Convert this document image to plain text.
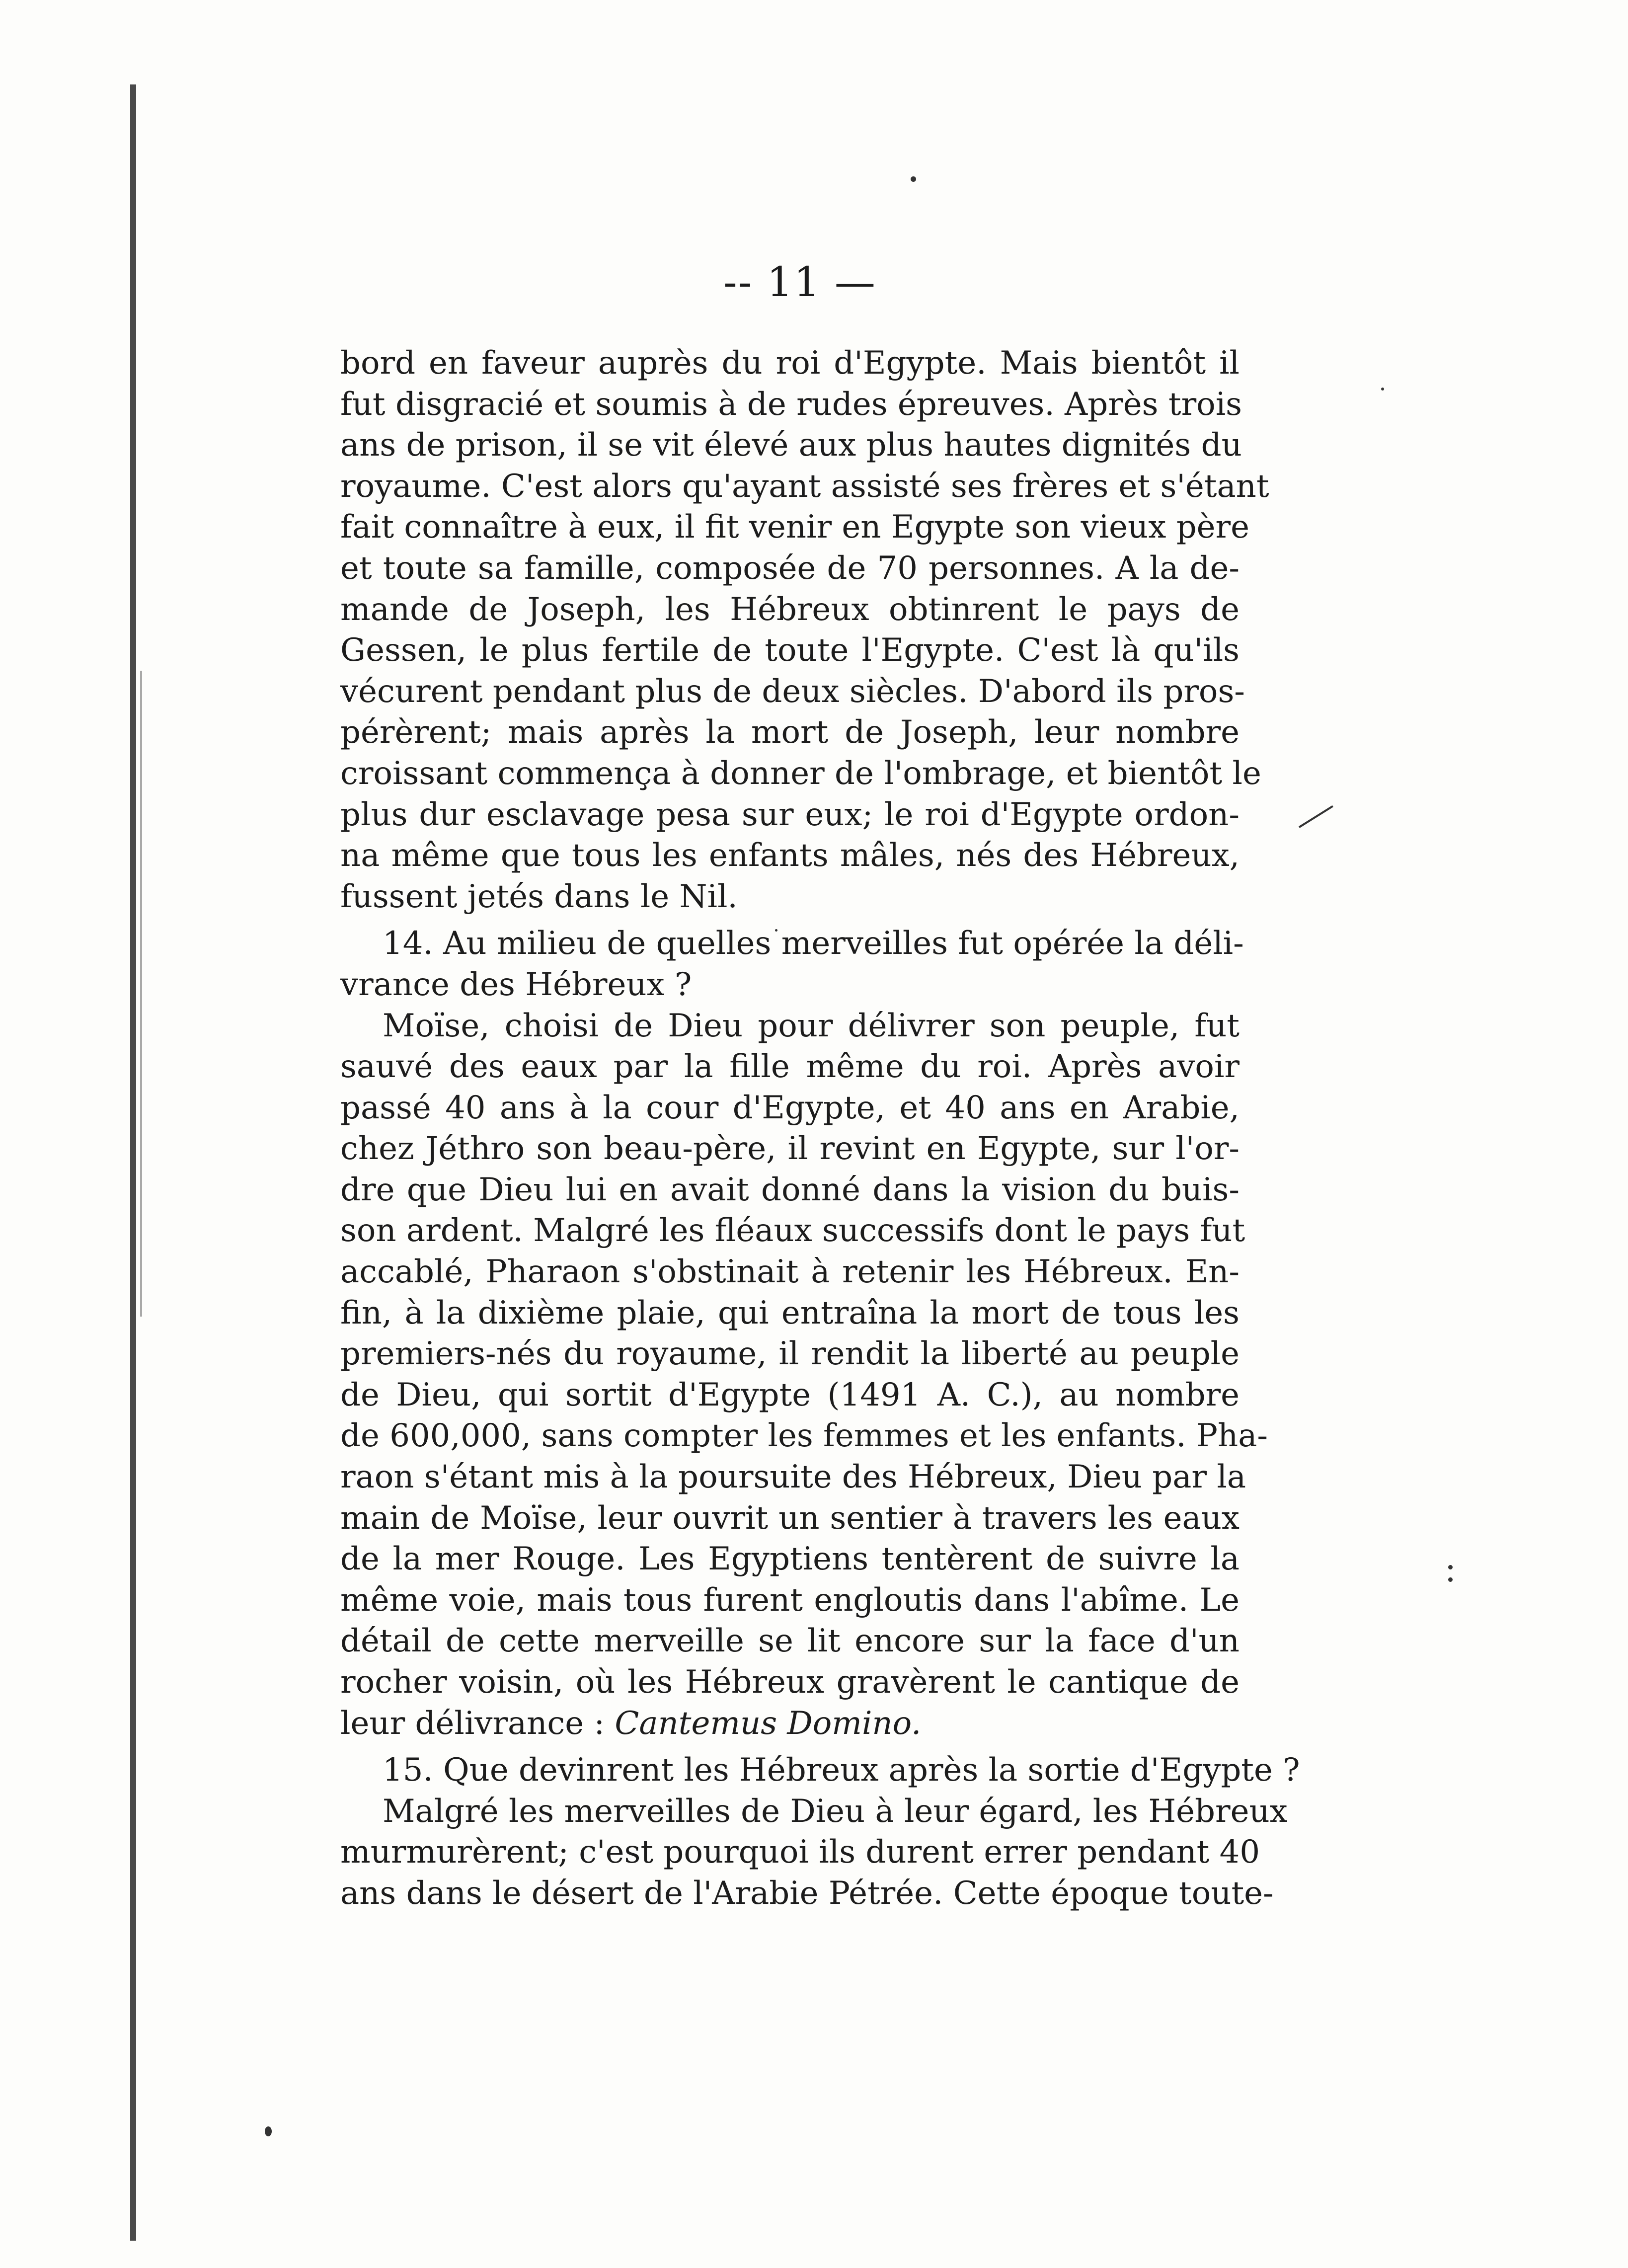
-- 11 —
bord en faveur auprès du roi d'Egypte. Mais bientôt il
fut disgracié et soumis à de rudes épreuves. Après trois
ans de prison, il se vit élevé aux plus hautes dignités du
royaume. C'est alors qu'ayant assisté ses frères et s'étant
fait connaître à eux, il fit venir en Egypte son vieux père
et toute sa famille, composée de 70 personnes. A la de-
mande de Joseph, les Hébreux obtinrent le pays de
Gessen, le plus fertile de toute l'Egypte. C'est là qu'ils
vécurent pendant plus de deux siècles. D'abord ils pros-
pérèrent; mais après la mort de Joseph, leur nombre
croissant commença à donner de l'ombrage, et bientôt le
plus dur esclavage pesa sur eux; le roi d'Egypte ordon-
na même que tous les enfants mâles, nés des Hébreux,
fussent jetés dans le Nil.
14. Au milieu de quelles merveilles fut opérée la déli-
vrance des Hébreux ?
Moïse, choisi de Dieu pour délivrer son peuple, fut
sauvé des eaux par la fille même du roi. Après avoir
passé 40 ans à la cour d'Egypte, et 40 ans en Arabie,
chez Jéthro son beau-père, il revint en Egypte, sur l'or-
dre que Dieu lui en avait donné dans la vision du buis-
son ardent. Malgré les fléaux successifs dont le pays fut
accablé, Pharaon s'obstinait à retenir les Hébreux. En-
fin, à la dixième plaie, qui entraîna la mort de tous les
premiers-nés du royaume, il rendit la liberté au peuple
de Dieu, qui sortit d'Egypte (1491 A. C.), au nombre
de 600,000, sans compter les femmes et les enfants. Pha-
raon s'étant mis à la poursuite des Hébreux, Dieu par la
main de Moïse, leur ouvrit un sentier à travers les eaux
de la mer Rouge. Les Egyptiens tentèrent de suivre la
même voie, mais tous furent engloutis dans l'abîme. Le
détail de cette merveille se lit encore sur la face d'un
rocher voisin, où les Hébreux gravèrent le cantique de
leur délivrance : Cantemus Domino.
15. Que devinrent les Hébreux après la sortie d'Egypte ?
Malgré les merveilles de Dieu à leur égard, les Hébreux
murmurèrent; c'est pourquoi ils durent errer pendant 40
ans dans le désert de l'Arabie Pétrée. Cette époque toute-
